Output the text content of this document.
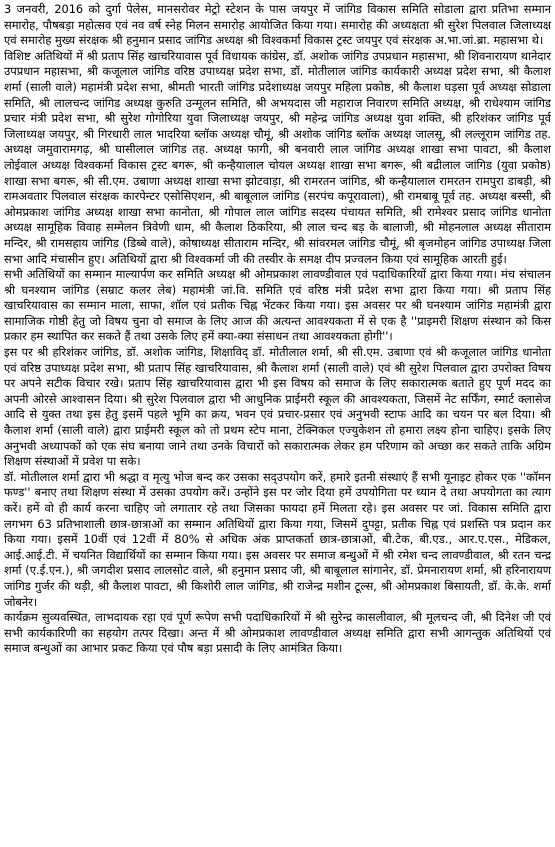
3 जनवरी, 2016 को दुर्गा पेलेस, मानसरोवर मेट्रो स्टेशन के पास जयपुर में जांगिड विकास समिति सोडाला द्वारा प्रतिभा सम्मान समारोह, पौषबड़ा महोत्सव एवं नव वर्ष स्नेह मिलन समारोह आयोजित किया गया। समारोह की अध्यक्षता श्री सुरेश पिलवाल जिलाध्यक्ष एवं समारोह मुख्य संरक्षक श्री हनुमान प्रसाद जांगिड अध्यक्ष श्री विश्वकर्मा विकास ट्रस्ट जयपुर एवं संरक्षक अ.भा.जां.ब्रा. महासभा थे।

विशिष्ट अतिथियों में श्री प्रताप सिंह खाचरियावास पूर्व विधायक कांग्रेस, डॉ. अशोक जांगिड उपप्रधान महासभा, श्री शिवनारायण थानेदार उपप्रधान महासभा, श्री कजूलाल जांगिड वरिष्ठ उपाध्यक्ष प्रदेश सभा, डॉ. मोतीलाल जांगिड कार्यकारी अध्यक्ष प्रदेश सभा, श्री कैलाश शर्मा (साली वाले) महामंत्री प्रदेश सभा, श्रीमती भारती जांगिड प्रदेशाध्यक्ष जयपुर महिला प्रकोष्ठ, श्री कैलाश घड़सा पूर्व अध्यक्ष सोडाला समिति, श्री लालचन्द जांगिड अध्यक्ष कुरुति उन्मूलन समिति, श्री अभयदास जी महाराज निवारण समिति अध्यक्ष, श्री राधेश्याम जांगिड प्रचार मंत्री प्रदेश सभा, श्री सुरेश गोगोरिया युवा जिलाध्यक्ष जयपुर, श्री महेन्द्र जांगिड अध्यक्ष युवा शक्ति, श्री हरिशंकर जांगिड पूर्व जिलाध्यक्ष जयपुर, श्री गिरधारी लाल भादरिया ब्लॉक अध्यक्ष चौमूं, श्री अशोक जांगिड ब्लॉक अध्यक्ष जालसू, श्री लल्लूराम जांगिड तह. अध्यक्ष जमुवारामगढ़, श्री घासीलाल जांगिड तह. अध्यक्ष फागी, श्री बनवारी लाल जांगिड अध्यक्ष शाखा सभा पावटा, श्री कैलाश लोईवाल अध्यक्ष विश्वकर्मा विकास ट्रस्ट बगरू, श्री कन्हैयालाल चोयल अध्यक्ष शाखा सभा बगरू, श्री बद्रीलाल जांगिड (युवा प्रकोष्ठ) शाखा सभा बगरू, श्री सी.एम. उबाणा अध्यक्ष शाखा सभा झोटवाड़ा, श्री रामरतन जांगिड, श्री कन्हैयालाल रामरतन रामपुरा डाबड़ी, श्री रामअवतार पिलवाल संरक्षक कारपेन्टर एसोसिएशन, श्री बाबूलाल जांगिड (सरपंच कपूरावाला), श्री रामबाबू पूर्व तह. अध्यक्ष बस्सी, श्री ओमप्रकाश जांगिड अध्यक्ष शाखा सभा कानोता, श्री गोपाल लाल जांगिड सदस्य पंचायत समिति, श्री रामेश्वर प्रसाद जांगिड धानोता अध्यक्ष सामूहिक विवाह सम्मेलन त्रिवेणी धाम, श्री कैलाश ठिकरिया, श्री लाल चन्द बड़ के बालाजी, श्री मोहनलाल अध्यक्ष सीताराम मन्दिर, श्री रामसहाय जांगिड (डिब्बे वाले), कोषाध्यक्ष सीताराम मन्दिर, श्री सांवरमल जांगिड चौमूं, श्री बृजमोहन जांगिड उपाध्यक्ष जिला सभा आदि मंचासीन हुए। अतिथियों द्वारा श्री विश्वकर्मा जी की तस्वीर के समक्ष दीप प्रज्वलन किया एवं सामूहिक आरती हुई।

सभी अतिथियों का सम्मान माल्यार्पण कर समिति अध्यक्ष श्री ओमप्रकाश लावण्डीवाल एवं पदाधिकारियों द्वारा किया गया। मंच संचालन श्री घनश्याम जांगिड (सम्राट कलर लेब) महामंत्री जां.वि. समिति एवं वरिष्ठ मंत्री प्रदेश सभा द्वारा किया गया। श्री प्रताप सिंह खाचरियावास का सम्मान माला, साफा, शॉल एवं प्रतीक चिह्न भेंटकर किया गया। इस अवसर पर श्री घनश्याम जांगिड महामंत्री द्वारा सामाजिक गोष्ठी हेतु जो विषय चुना वो समाज के लिए आज की अत्यन्त आवश्यकता में से एक है ''प्राइमरी शिक्षण संस्थान को किस प्रकार हम स्थापित कर सकते हैं तथा उसके लिए हमें क्या-क्या संसाधन तथा आवश्यकता होगी''।

इस पर श्री हरिशंकर जांगिड, डॉ. अशोक जांगिड, शिक्षाविद् डॉ. मोतीलाल शर्मा, श्री सी.एम. उबाणा एवं श्री कजूलाल जांगिड धानोता एवं वरिष्ठ उपाध्यक्ष प्रदेश सभा, श्री प्रताप सिंह खाचरियावास, श्री कैलाश शर्मा (साली वाले) एवं श्री सुरेश पिलवाल द्वारा उपरोक्त विषय पर अपने सटीक विचार रखे। प्रताप सिंह खाचरियावास द्वारा भी इस विषय को समाज के लिए सकारात्मक बताते हुए पूर्ण मदद का अपनी ओरसे आश्वासन दिया। श्री सुरेश पिलवाल द्वारा भी आधुनिक प्राईमरी स्कूल की आवश्यकता, जिसमें नेट सर्फिंग, स्मार्ट क्लासेज आदि से युक्त तथा इस हेतु इसमें पहले भूमि का क्रय, भवन एवं प्रचार-प्रसार एवं अनुभवी स्टाफ आदि का चयन पर बल दिया। श्री कैलाश शर्मा (साली वाले) द्वारा प्राईमरी स्कूल को तो प्रथम स्टेप माना, टेक्निकल एज्युकेशन तो हमारा लक्ष्य होना चाहिए। इसके लिए अनुभवी अध्यापकों को एक संघ बनाया जाने तथा उनके विचारों को सकारात्मक लेकर हम परिणाम को अच्छा कर सकते ताकि अग्रिम शिक्षण संस्थाओं में प्रवेश पा सके।

डॉ. मोतीलाल शर्मा द्वारा भी श्रद्धा व मृत्यु भोज बन्द कर उसका सद्उपयोग करें, हमारे इतनी संस्थाएं हैं सभी यूनाइट होकर एक ''कॉमन फण्ड'' बनाए तथा शिक्षण संस्था में उसका उपयोग करें। उन्होंने इस पर जोर दिया हमें उपयोगिता पर ध्यान दे तथा अपयोगता का त्याग करें। हमें वो ही कार्य करना चाहिए जो लगातार रहे तथा जिसका फायदा हमें मिलता रहे। इस अवसर पर जां. विकास समिति द्वारा लगभग 63 प्रतिभाशाली छात्र-छात्राओं का सम्मान अतिथियों द्वारा किया गया, जिसमें दुपट्टा, प्रतीक चिह्न एवं प्रशस्ति पत्र प्रदान कर किया गया। इसमें 10वीं एवं 12वीं में 80% से अधिक अंक प्राप्तकर्ता छात्र-छात्राओं, बी.टेक, बी.एड., आर.ए.एस., मेडिकल, आई.आई.टी. में चयनित विद्यार्थियों का सम्मान किया गया। इस अवसर पर समाज बन्धुओं में श्री रमेश चन्द लावण्डीवाल, श्री रतन चन्द्र शर्मा (ए.ई.एन.), श्री जगदीश प्रसाद लालसोट वाले, श्री हनुमान प्रसाद जी, श्री बाबूलाल सांगानेर, डॉ. प्रेमनारायण शर्मा, श्री हरिनारायण जांगिड गुर्जर की थड़ी, श्री कैलाश पावटा, श्री किशोरी लाल जांगिड, श्री राजेन्द्र मशीन टूल्स, श्री ओमप्रकाश बिसायती, डॉ. के.के. शर्मा जोबनेर।

कार्यक्रम सुव्यवस्थित, लाभदायक रहा एवं पूर्ण रूपेण सभी पदाधिकारियों में श्री सुरेन्द्र कासलीवाल, श्री मूलचन्द जी, श्री दिनेश जी एवं सभी कार्यकारिणी का सहयोग तत्पर दिखा। अन्त में श्री ओमप्रकाश लावण्डीवाल अध्यक्ष समिति द्वारा सभी आगन्तुक अतिथियों एवं समाज बन्धुओं का आभार प्रकट किया एवं पौष बड़ा प्रसादी के लिए आमंत्रित किया।
